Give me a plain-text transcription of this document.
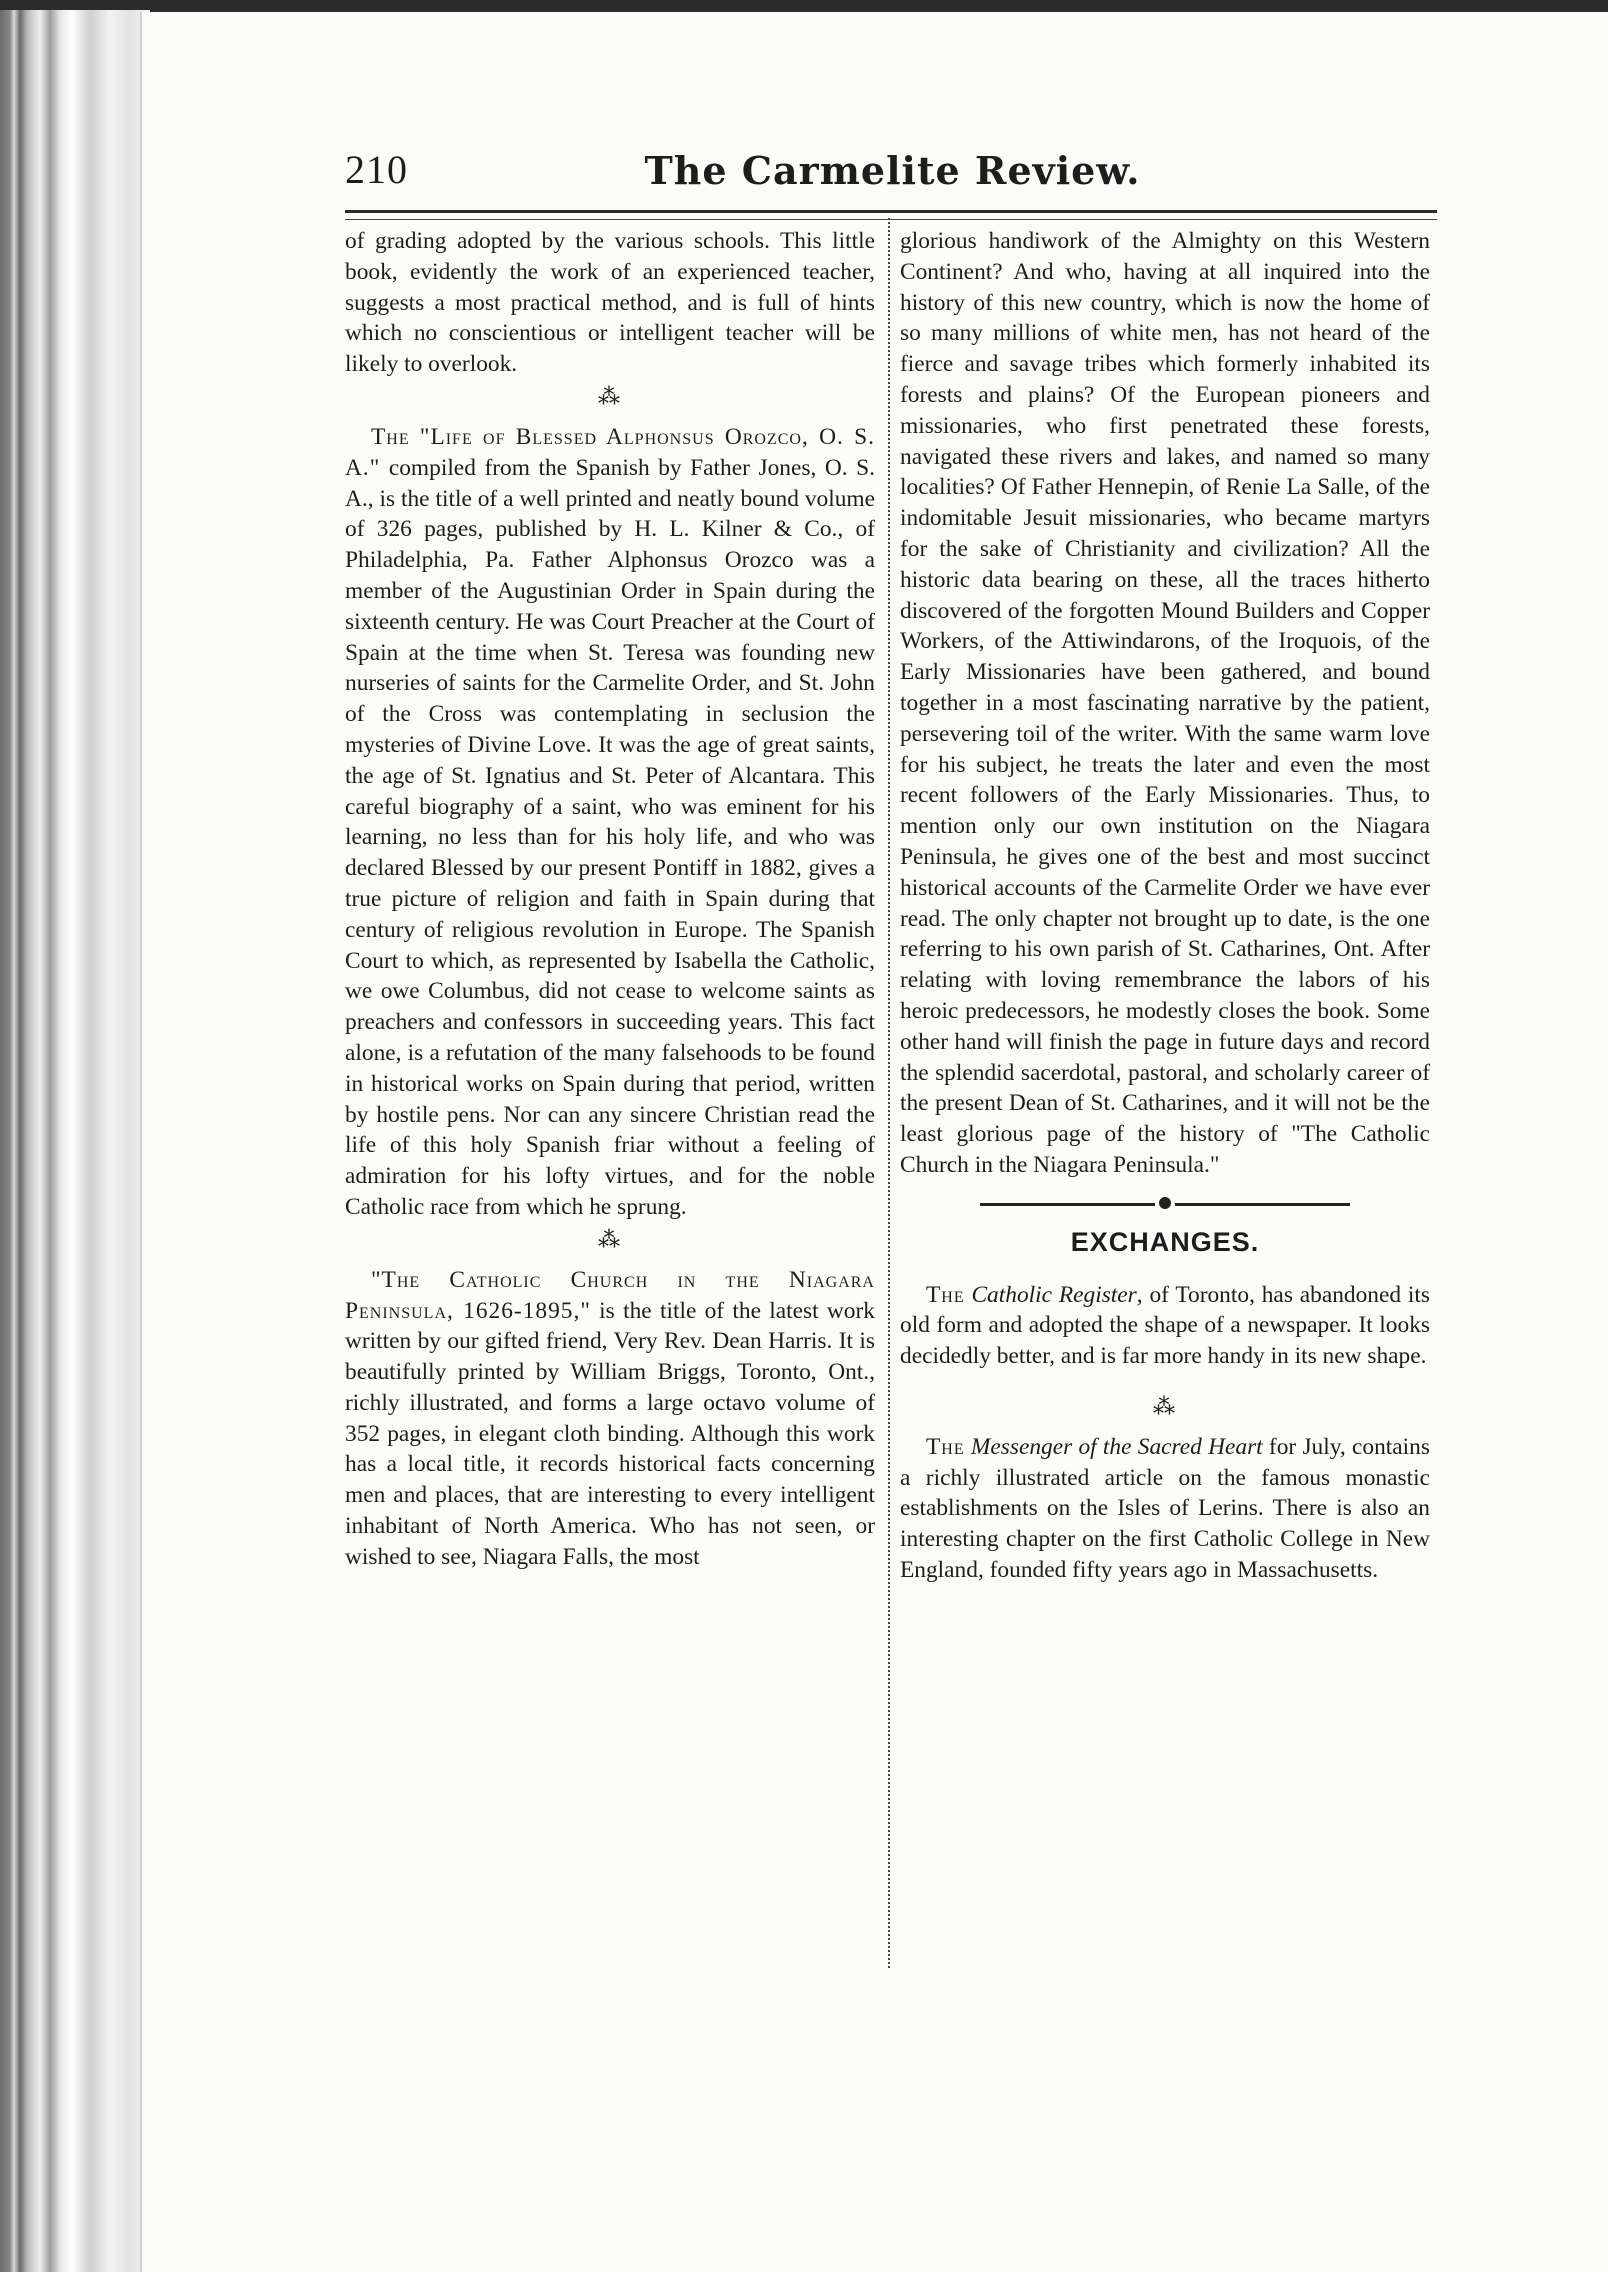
210	The Carmelite Review.

of grading adopted by the various schools. This little book, evidently the work of an experienced teacher, suggests a most practical method, and is full of hints which no conscientious or intelligent teacher will be likely to overlook.

⁂

The "Life of Blessed Alphonsus Orozco, O. S. A." compiled from the Spanish by Father Jones, O. S. A., is the title of a well printed and neatly bound volume of 326 pages, published by H. L. Kilner & Co., of Philadelphia, Pa. Father Alphonsus Orozco was a member of the Augustinian Order in Spain during the sixteenth century. He was Court Preacher at the Court of Spain at the time when St. Teresa was founding new nurseries of saints for the Carmelite Order, and St. John of the Cross was contemplating in seclusion the mysteries of Divine Love. It was the age of great saints, the age of St. Ignatius and St. Peter of Alcantara. This careful biography of a saint, who was eminent for his learning, no less than for his holy life, and who was declared Blessed by our present Pontiff in 1882, gives a true picture of religion and faith in Spain during that century of religious revolution in Europe. The Spanish Court to which, as represented by Isabella the Catholic, we owe Columbus, did not cease to welcome saints as preachers and confessors in succeeding years. This fact alone, is a refutation of the many falsehoods to be found in historical works on Spain during that period, written by hostile pens. Nor can any sincere Christian read the life of this holy Spanish friar without a feeling of admiration for his lofty virtues, and for the noble Catholic race from which he sprung.

⁂

"The Catholic Church in the Niagara Peninsula, 1626-1895," is the title of the latest work written by our gifted friend, Very Rev. Dean Harris. It is beautifully printed by William Briggs, Toronto, Ont., richly illustrated, and forms a large octavo volume of 352 pages, in elegant cloth binding. Although this work has a local title, it records historical facts concerning men and places, that are interesting to every intelligent inhabitant of North America. Who has not seen, or wished to see, Niagara Falls, the most

glorious handiwork of the Almighty on this Western Continent? And who, having at all inquired into the history of this new country, which is now the home of so many millions of white men, has not heard of the fierce and savage tribes which formerly inhabited its forests and plains? Of the European pioneers and missionaries, who first penetrated these forests, navigated these rivers and lakes, and named so many localities? Of Father Hennepin, of Renie La Salle, of the indomitable Jesuit missionaries, who became martyrs for the sake of Christianity and civilization? All the historic data bearing on these, all the traces hitherto discovered of the forgotten Mound Builders and Copper Workers, of the Attiwindarons, of the Iroquois, of the Early Missionaries have been gathered, and bound together in a most fascinating narrative by the patient, persevering toil of the writer. With the same warm love for his subject, he treats the later and even the most recent followers of the Early Missionaries. Thus, to mention only our own institution on the Niagara Peninsula, he gives one of the best and most succinct historical accounts of the Carmelite Order we have ever read. The only chapter not brought up to date, is the one referring to his own parish of St. Catharines, Ont. After relating with loving remembrance the labors of his heroic predecessors, he modestly closes the book. Some other hand will finish the page in future days and record the splendid sacerdotal, pastoral, and scholarly career of the present Dean of St. Catharines, and it will not be the least glorious page of the history of "The Catholic Church in the Niagara Peninsula."

EXCHANGES.

The Catholic Register, of Toronto, has abandoned its old form and adopted the shape of a newspaper. It looks decidedly better, and is far more handy in its new shape.

⁂

The Messenger of the Sacred Heart for July, contains a richly illustrated article on the famous monastic establishments on the Isles of Lerins. There is also an interesting chapter on the first Catholic College in New England, founded fifty years ago in Massachusetts.
